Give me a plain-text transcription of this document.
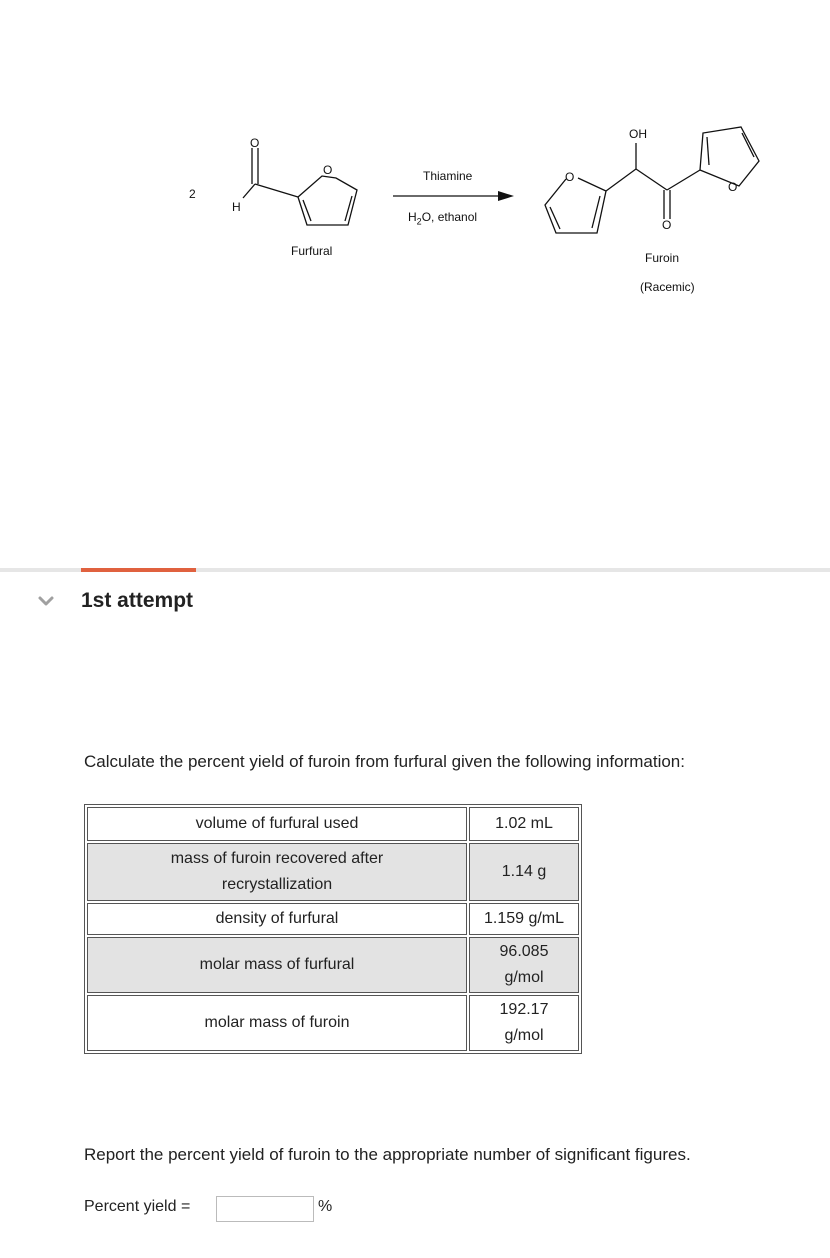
2
O
H
O
Furfural
Thiamine
$H_2O$, ethanol
O
OH
O
O
Furoin
(Racemic)
1st attempt
Calculate the percent yield of furoin from furfural given the following information:
volume of furfural used	1.02 mL

mass of furoin recovered after
recrystallization	1.14 g
density of furfural	1.159 g/mL
molar mass of furfural	96.085
g/mol

molar mass of furoin	192.17
g/mol
Report the percent yield of furoin to the appropriate number of significant figures.
Percent yield =	%
